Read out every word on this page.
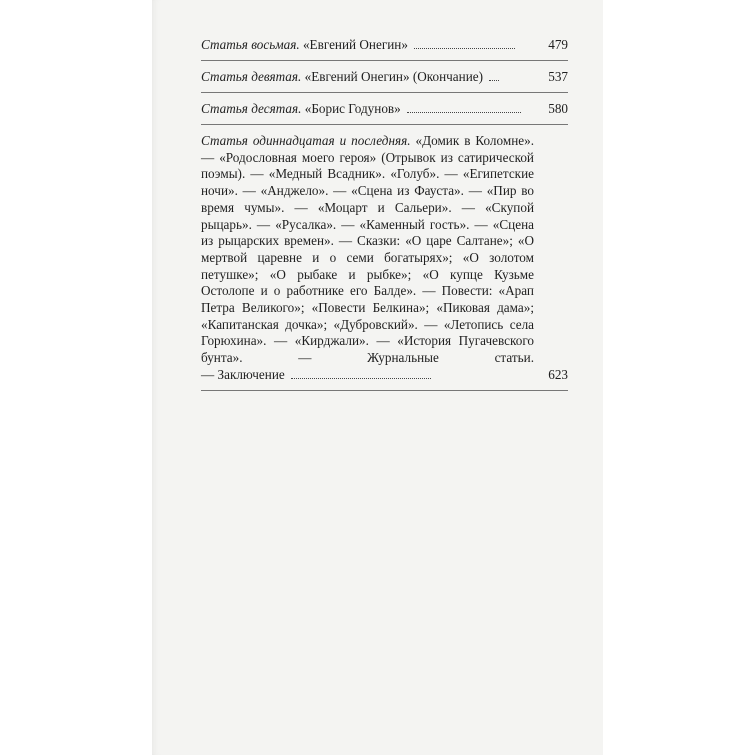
Статья восьмая. «Евгений Онегин»	479
Статья девятая. «Евгений Онегин» (Окончание)	537
Статья десятая. «Борис Годунов»	580
Статья одиннадцатая и последняя. «Домик в Коломне». — «Родословная моего героя» (Отрывок из сатирической поэмы). — «Медный Всадник». «Голуб». — «Египетские ночи». — «Анджело». — «Сцена из Фауста». — «Пир во время чумы». — «Моцарт и Сальери». — «Скупой рыцарь». — «Русалка». — «Каменный гость». — «Сцена из рыцарских времен». — Сказки: «О царе Салтане»; «О мертвой царевне и о семи богатырях»; «О золотом петушке»; «О рыбаке и рыбке»; «О купце Кузьме Остолопе и о работнике его Балде». — Повести: «Арап Петра Великого»; «Повести Белкина»; «Пиковая дама»; «Капитанская дочка»; «Дубровский». — «Летопись села Горюхина». — «Кирджали». — «История Пугачевского бунта». — Журнальные статьи. — Заключение	623
